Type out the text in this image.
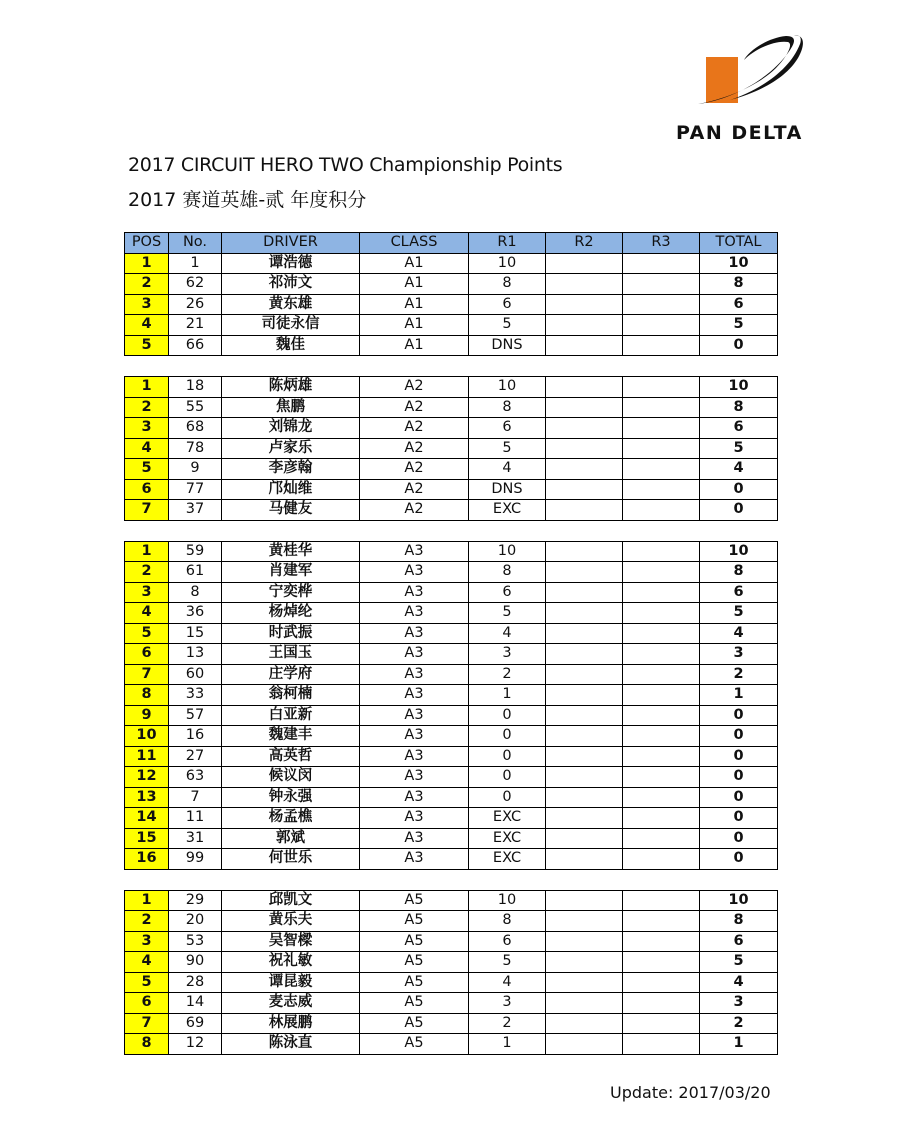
PAN DELTA
2017 CIRCUIT HERO TWO Championship Points
2017 赛道英雄-贰 年度积分
POS	No.	DRIVER	CLASS	R1	R2	R3	TOTAL
1	1	谭浩德	A1	10			10
2	62	祁沛文	A1	8			8
3	26	黄东雄	A1	6			6
4	21	司徒永信	A1	5			5
5	66	魏佳	A1	DNS			0

1	18	陈炳雄	A2	10			10
2	55	焦鹏	A2	8			8
3	68	刘锦龙	A2	6			6
4	78	卢家乐	A2	5			5
5	9	李彦翰	A2	4			4
6	77	邝灿维	A2	DNS			0
7	37	马健友	A2	EXC			0

1	59	黄桂华	A3	10			10
2	61	肖建军	A3	8			8
3	8	宁奕桦	A3	6			6
4	36	杨焯纶	A3	5			5
5	15	时武振	A3	4			4
6	13	王国玉	A3	3			3
7	60	庄学府	A3	2			2
8	33	翁柯楠	A3	1			1
9	57	白亚新	A3	0			0
10	16	魏建丰	A3	0			0
11	27	高英哲	A3	0			0
12	63	候议闵	A3	0			0
13	7	钟永强	A3	0			0
14	11	杨孟樵	A3	EXC			0
15	31	郭斌	A3	EXC			0
16	99	何世乐	A3	EXC			0

1	29	邱凯文	A5	10			10
2	20	黄乐夫	A5	8			8
3	53	吴智樑	A5	6			6
4	90	祝礼敏	A5	5			5
5	28	谭昆毅	A5	4			4
6	14	麦志威	A5	3			3
7	69	林展鹏	A5	2			2
8	12	陈泳直	A5	1			1
Update: 2017/03/20
